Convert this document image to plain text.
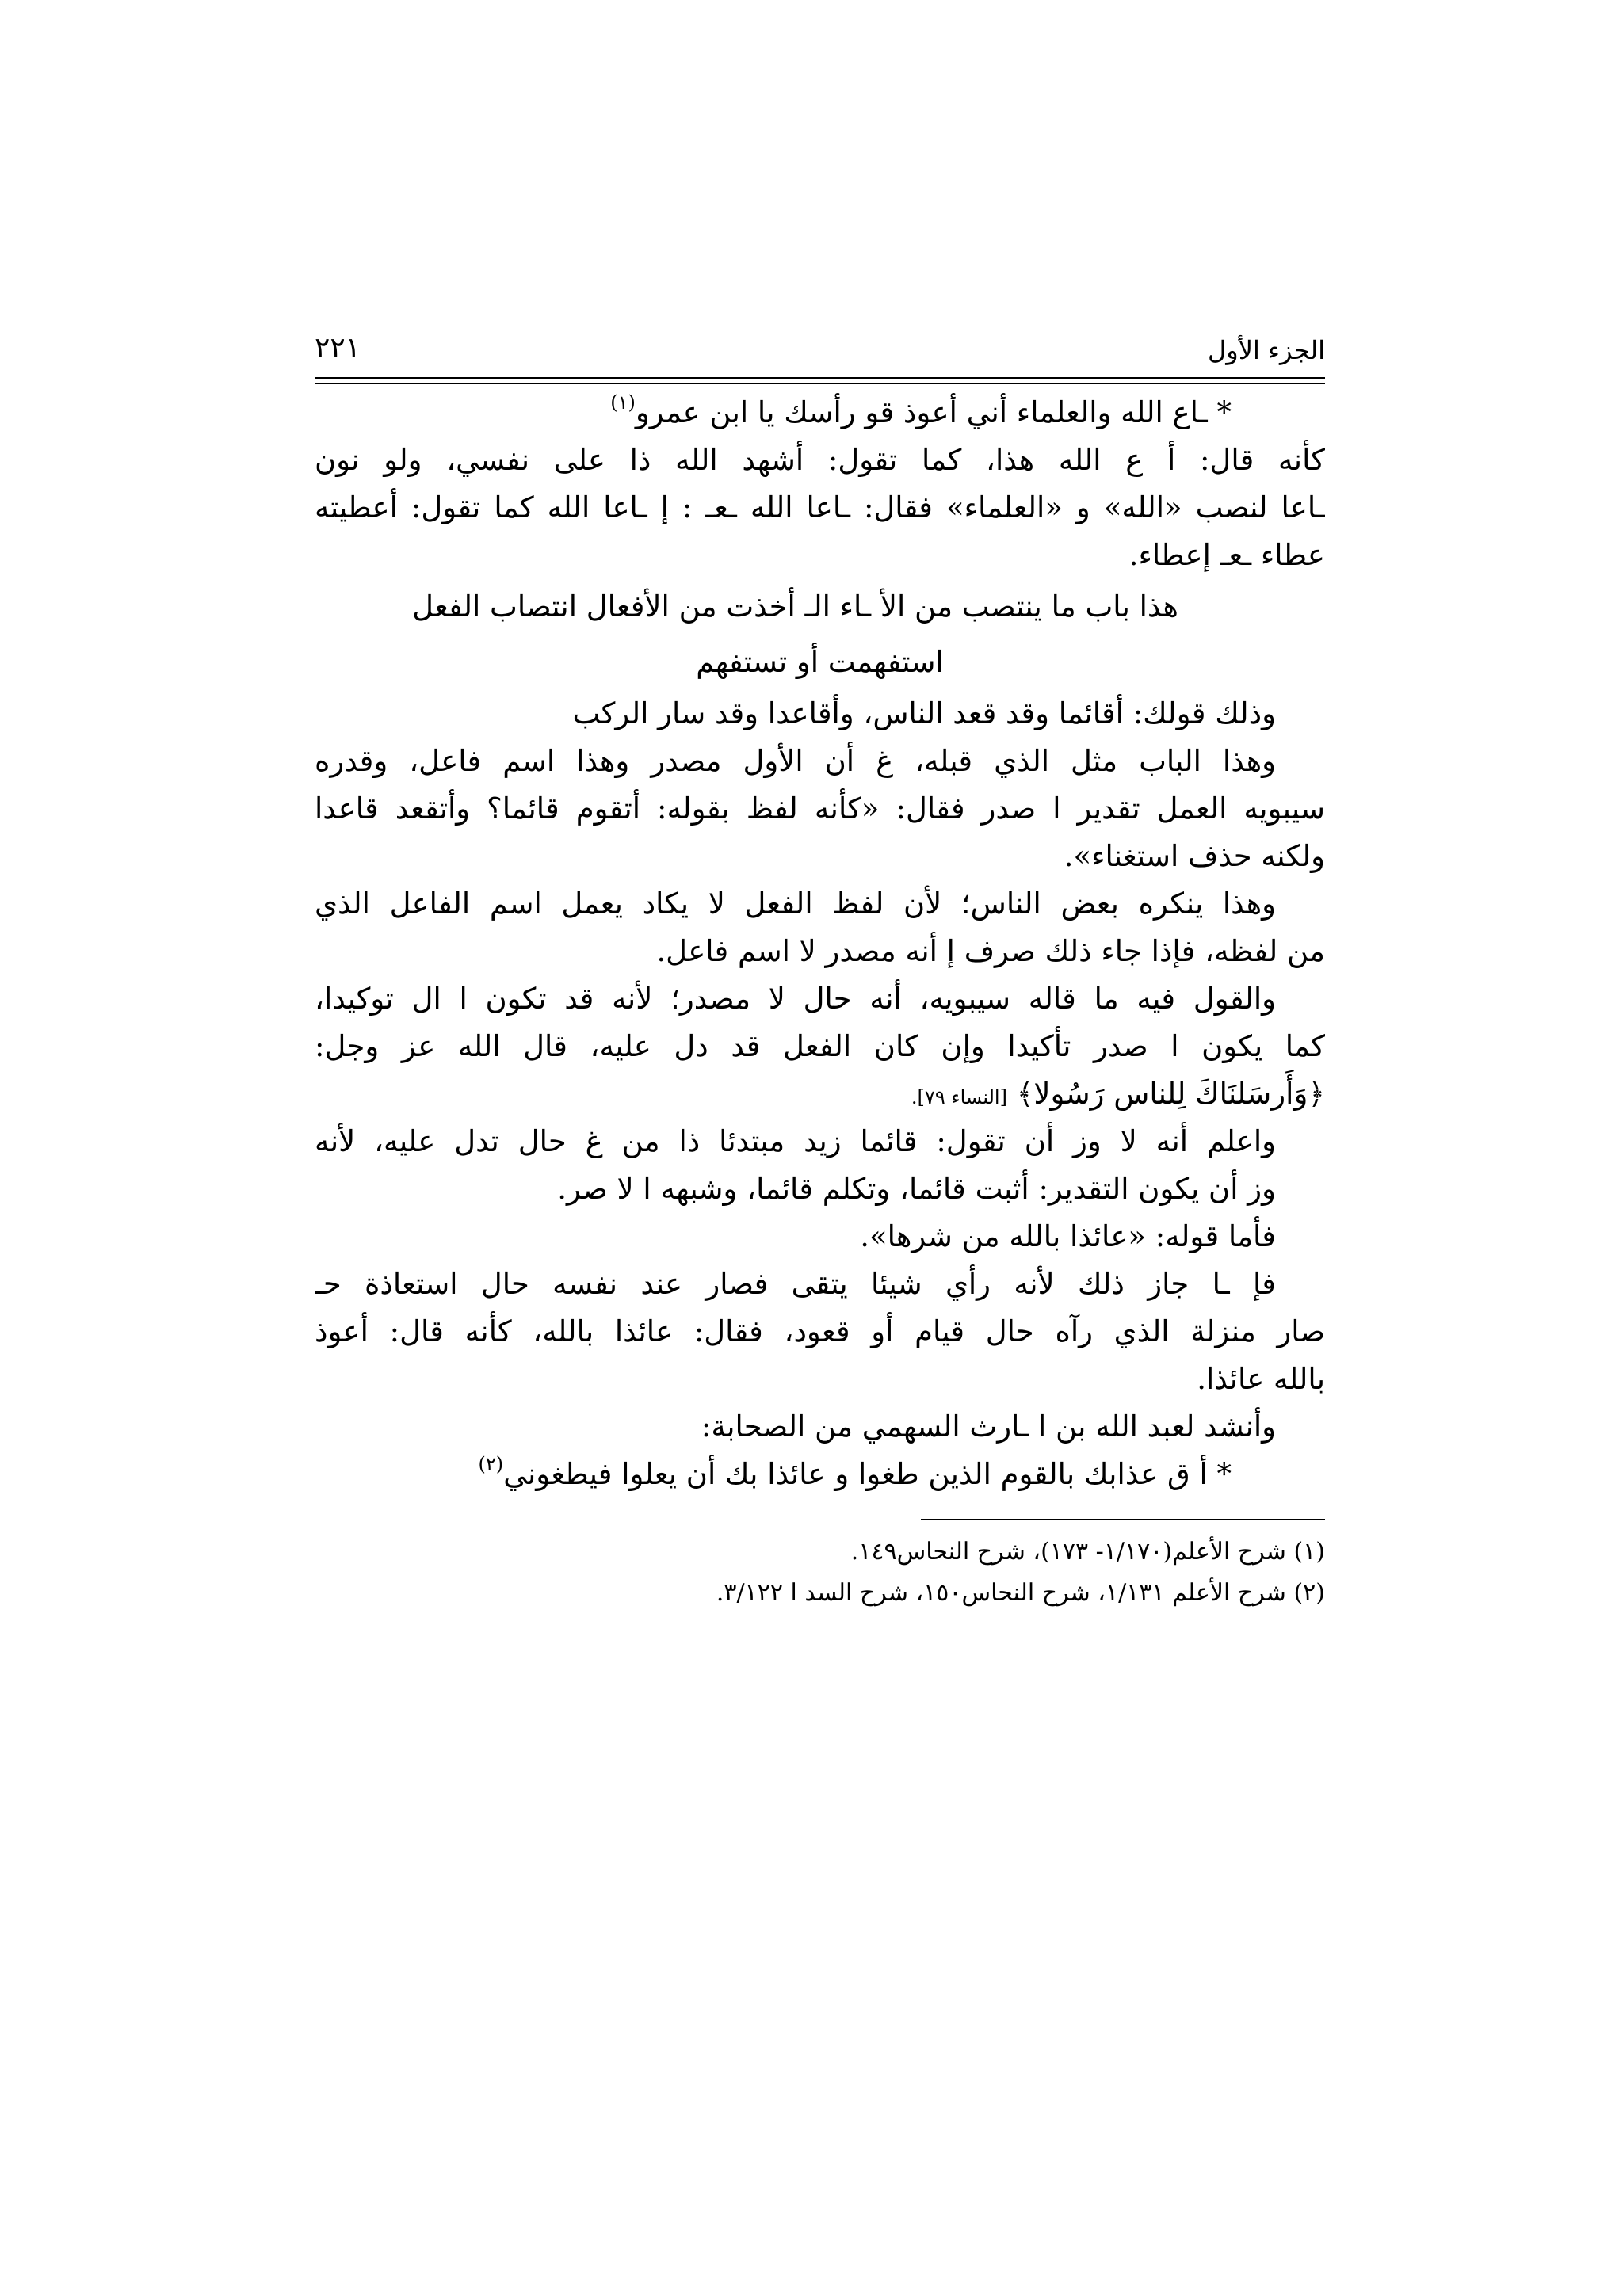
الجزء الأول
٢٢١
* ـاع الله والعلماء أني أعوذ قو رأسك يا ابن عمرو$^{(١)}$
كأنه قال: أ ع الله هذا، كما تقول: أشهد الله ذا على نفسي، ولو نون
ـاعا لنصب «الله» و «العلماء» فقال: ـاعا الله ـعـ : إ ـاعا الله كما تقول: أعطيته
عطاء ـعـ إعطاء.
هذا باب ما ينتصب من الأ ـاء الـ أخذت من الأفعال انتصاب الفعل
استفهمت أو تستفهم
وذلك قولك: أقائما وقد قعد الناس، وأقاعدا وقد سار الركب
وهذا الباب مثل الذي قبله، غ أن الأول مصدر وهذا اسم فاعل، وقدره
سيبويه العمل تقدير ا صدر فقال: «كأنه لفظ بقوله: أتقوم قائما؟ وأتقعد قاعدا
ولكنه حذف استغناء».
وهذا ينكره بعض الناس؛ لأن لفظ الفعل لا يكاد يعمل اسم الفاعل الذي
من لفظه، فإذا جاء ذلك صرف إ أنه مصدر لا اسم فاعل.
والقول فيه ما قاله سيبويه، أنه حال لا مصدر؛ لأنه قد تكون ا ال توكيدا،
كما يكون ا صدر تأكيدا وإن كان الفعل قد دل عليه، قال الله عز وجل:
﴿وَأَرسَلنَاكَ لِلناس رَسُولا﴾ [النساء ٧٩].
واعلم أنه لا وز أن تقول: قائما زيد مبتدئا ذا من غ حال تدل عليه، لأنه
وز أن يكون التقدير: أثبت قائما، وتكلم قائما، وشبهه ا لا صر.
فأما قوله: «عائذا بالله من شرها».
فإ ـا جاز ذلك لأنه رأي شيئا يتقى فصار عند نفسه حال استعاذة حـ
صار منزلة الذي رآه حال قيام أو قعود، فقال: عائذا بالله، كأنه قال: أعوذ
بالله عائذا.
وأنشد لعبد الله بن ا ـارث السهمي من الصحابة:
* أ ق عذابك بالقوم الذين طغوا و عائذا بك أن يعلوا فيطغوني$^{(٢)}$
(١) شرح الأعلم(١/١٧٠- ١٧٣)، شرح النحاس١٤٩.
(٢) شرح الأعلم ١/١٣١، شرح النحاس١٥٠، شرح السد ا ٣/١٢٢.
